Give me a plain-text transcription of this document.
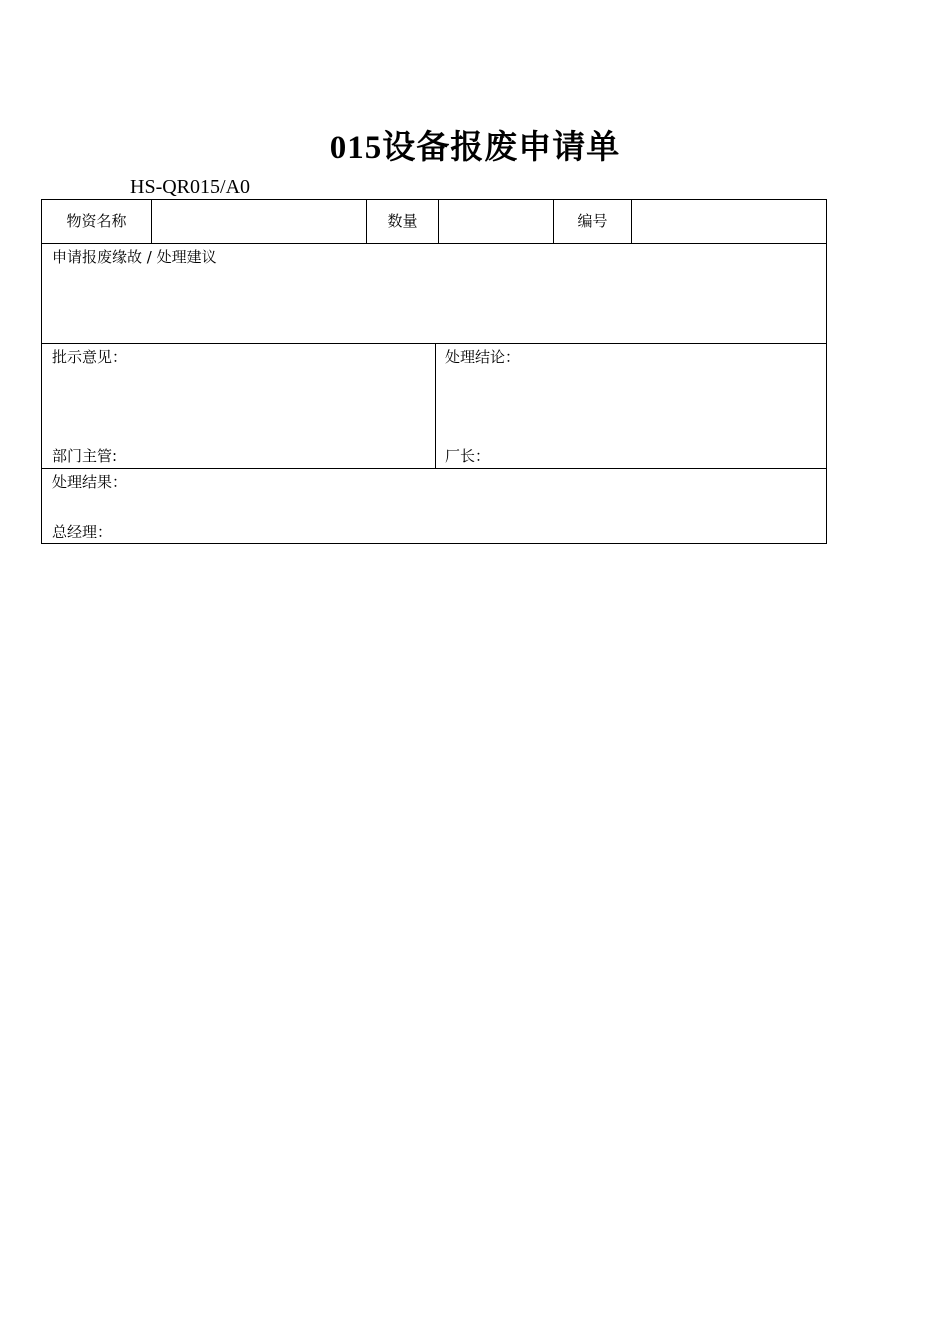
015设备报废申请单
HS-QR015/A0
物资名称	数量	编号
申请报废缘故 / 处理建议
批示意见：
部门主管:
处理结论：
厂长：
处理结果：
总经理：
